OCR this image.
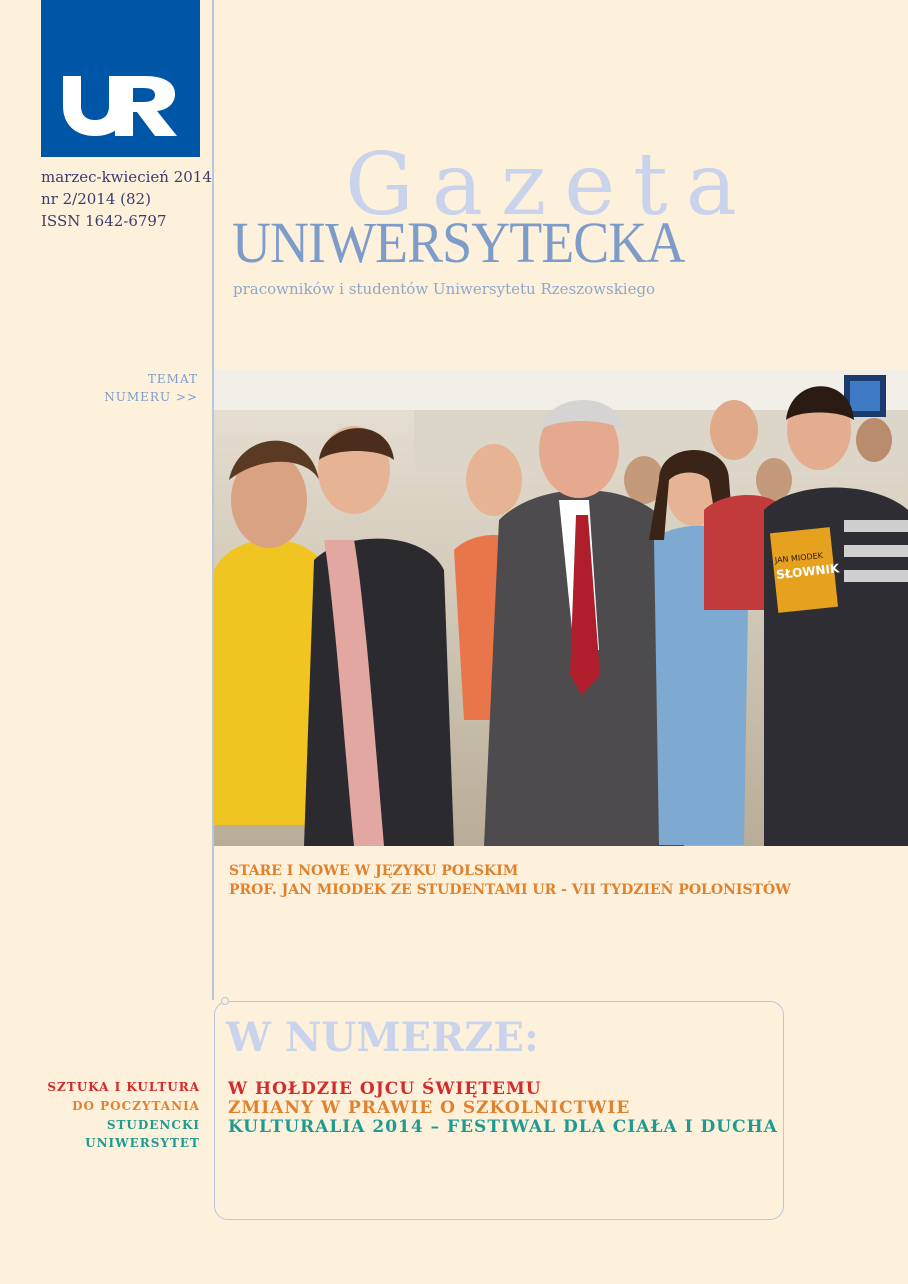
marzec-kwiecień 2014
nr 2/2014 (82)
ISSN 1642-6797 Gazeta
UNIWERSYTECKA
pracowników i studentów Uniwersytetu Rzeszowskiego
TEMAT
NUMERU >>
JAN MIODEK
SŁOWNIK
STARE I NOWE W JĘZYKU POLSKIM
PROF. JAN MIODEK ZE STUDENTAMI UR - VII TYDZIEŃ POLONISTÓW
W NUMERZE:
W HOŁDZIE OJCU ŚWIĘTEMU
ZMIANY W PRAWIE O SZKOLNICTWIE
KULTURALIA 2014 – FESTIWAL DLA CIAŁA I DUCHA
SZTUKA I KULTURA
DO POCZYTANIA
STUDENCKI
UNIWERSYTET
